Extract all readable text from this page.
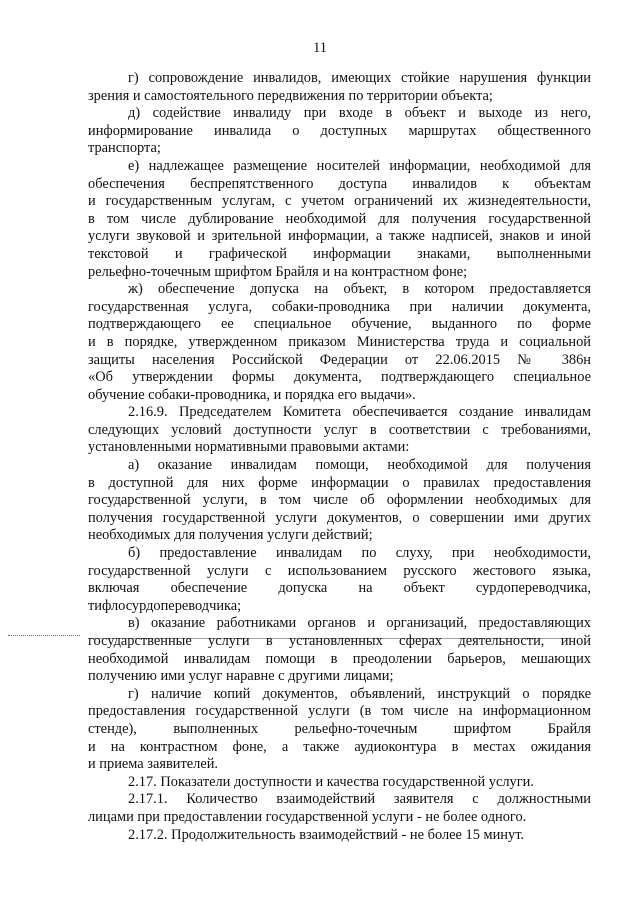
11
г) сопровождение инвалидов, имеющих стойкие нарушения функции
зрения и самостоятельного передвижения по территории объекта;
д) содействие инвалиду при входе в объект и выходе из него,
информирование инвалида о доступных маршрутах общественного
транспорта;
е) надлежащее размещение носителей информации, необходимой для
обеспечения беспрепятственного доступа инвалидов к объектам
и государственным услугам, с учетом ограничений их жизнедеятельности,
в том числе дублирование необходимой для получения государственной
услуги звуковой и зрительной информации, а также надписей, знаков и иной
текстовой и графической информации знаками, выполненными
рельефно-точечным шрифтом Брайля и на контрастном фоне;
ж) обеспечение допуска на объект, в котором предоставляется
государственная услуга, собаки-проводника при наличии документа,
подтверждающего ее специальное обучение, выданного по форме
и в порядке, утвержденном приказом Министерства труда и социальной
защиты населения Российской Федерации от 22.06.2015 № 386н
«Об утверждении формы документа, подтверждающего специальное
обучение собаки-проводника, и порядка его выдачи».
2.16.9. Председателем Комитета обеспечивается создание инвалидам
следующих условий доступности услуг в соответствии с требованиями,
установленными нормативными правовыми актами:
а) оказание инвалидам помощи, необходимой для получения
в доступной для них форме информации о правилах предоставления
государственной услуги, в том числе об оформлении необходимых для
получения государственной услуги документов, о совершении ими других
необходимых для получения услуги действий;
б) предоставление инвалидам по слуху, при необходимости,
государственной услуги с использованием русского жестового языка,
включая обеспечение допуска на объект сурдопереводчика,
тифлосурдопереводчика;
в) оказание работниками органов и организаций, предоставляющих
государственные услуги в установленных сферах деятельности, иной
необходимой инвалидам помощи в преодолении барьеров, мешающих
получению ими услуг наравне с другими лицами;
г) наличие копий документов, объявлений, инструкций о порядке
предоставления государственной услуги (в том числе на информационном
стенде), выполненных рельефно-точечным шрифтом Брайля
и на контрастном фоне, а также аудиоконтура в местах ожидания
и приема заявителей.
2.17. Показатели доступности и качества государственной услуги.
2.17.1. Количество взаимодействий заявителя с должностными
лицами при предоставлении государственной услуги - не более одного.
2.17.2. Продолжительность взаимодействий - не более 15 минут.
